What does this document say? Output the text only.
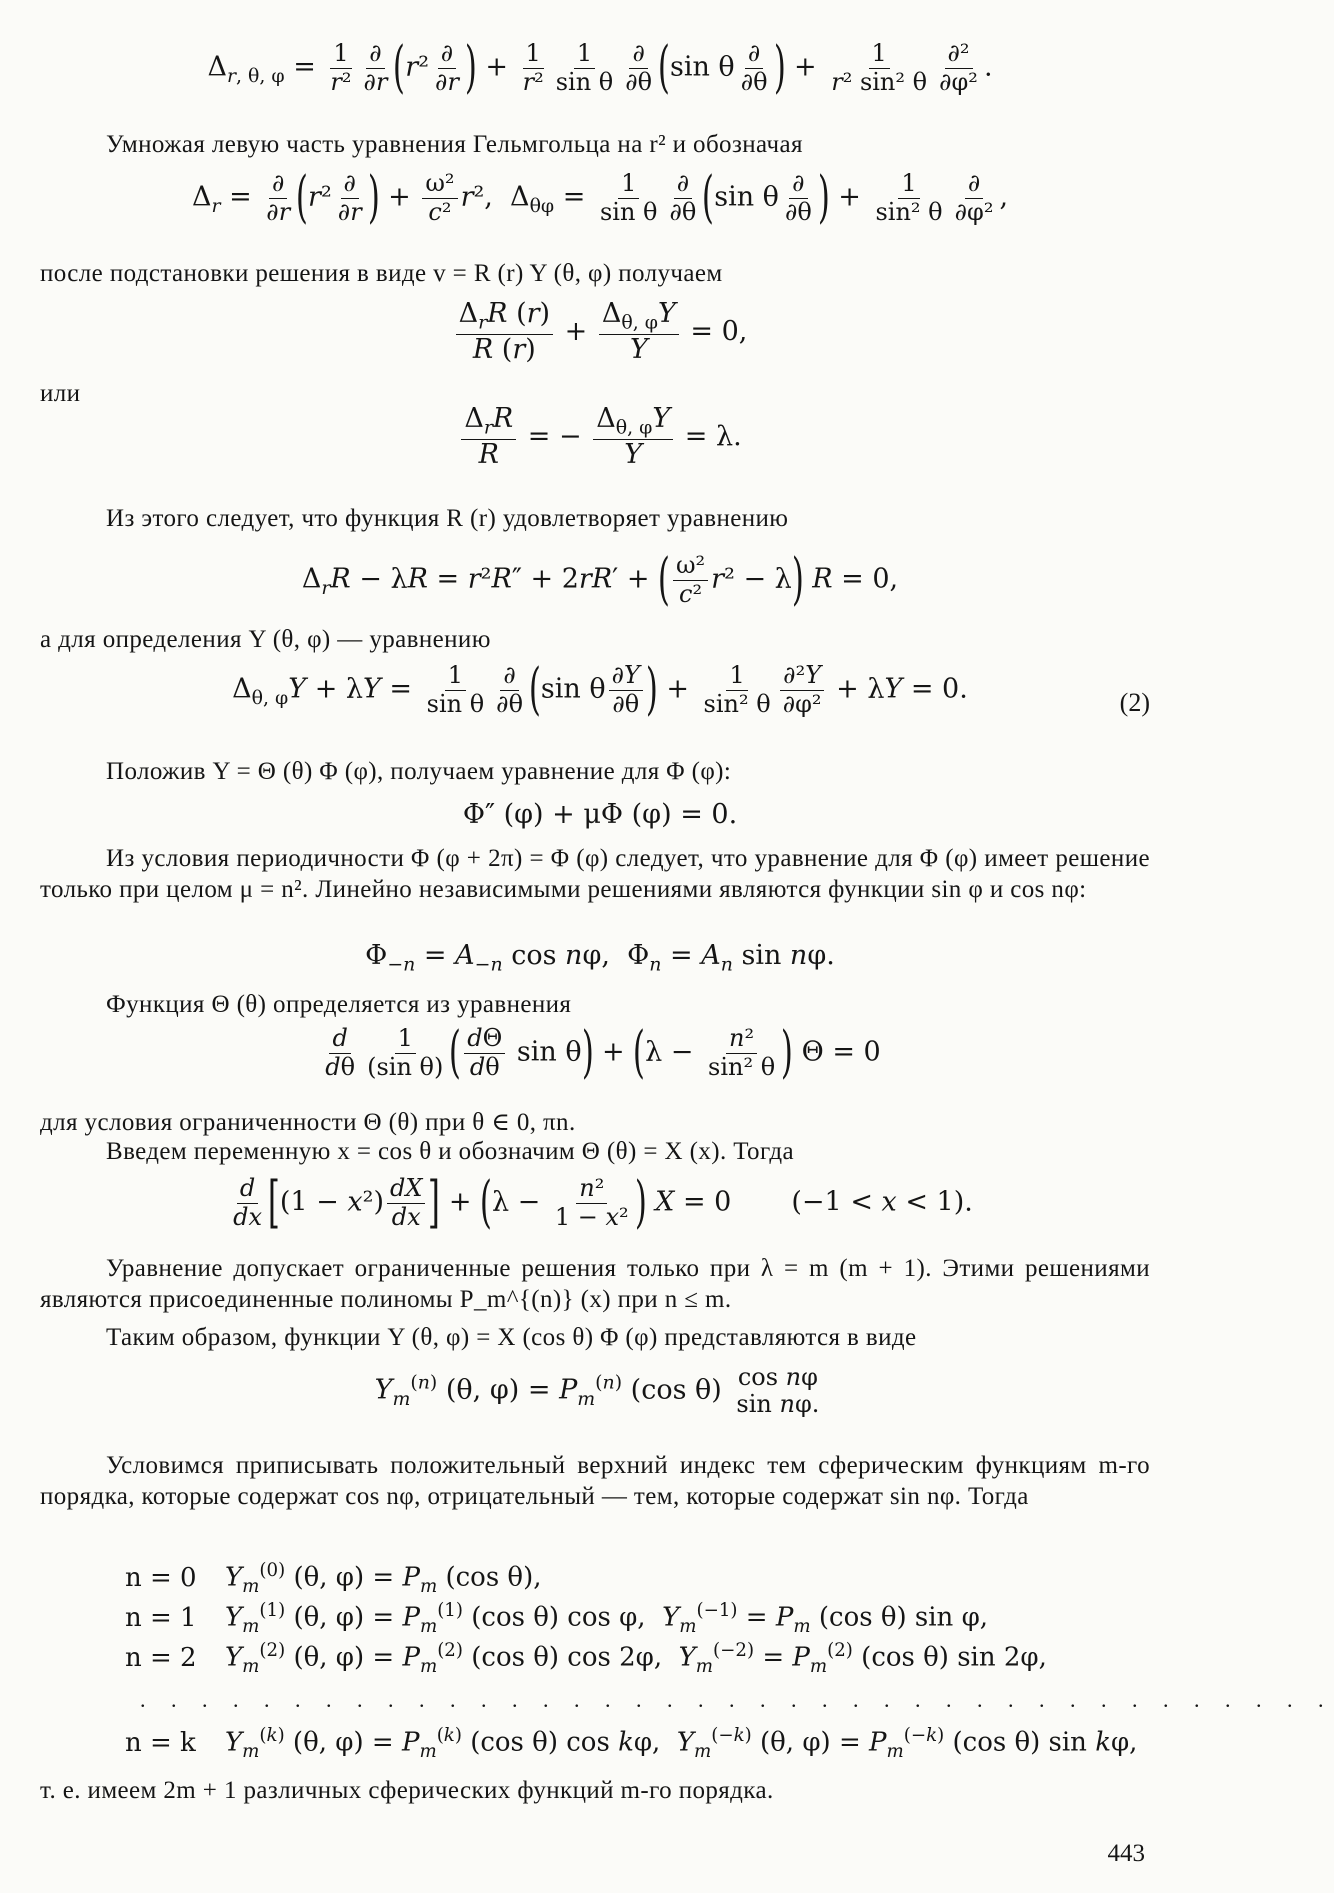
$\Delta_{r, \theta, \varphi} = \frac{1}{\text{r²}} \frac{\partial}{\partial r} (r^2 \frac{\partial}{\partial r}$ ) + $\frac{1}{\text{r²}} \frac{1}{\text{sin θ}} \frac{\partial}{\partial\theta} (\sin$ θ $\frac{\partial}{\partial\theta}$ ) + $\frac{1}{\text{r² sin² θ}} \frac{\text{∂²}}{\text{∂φ²}}$ .

Умножая левую часть уравнения Гельмгольца на r² и обозначая

$\Delta_r = \frac{\partial}{\partial r} (r^2 \frac{\partial}{\partial r}$ ) + $\frac{\text{ω²}}{\text{c²}} r^2$,  $\Delta_{\theta\varphi} = \frac{1}{\text{sin θ}} \frac{\partial}{\partial\theta} (\sin$ θ $\frac{\partial}{\partial\theta}$ ) + $\frac{1}{\text{sin² θ}} \frac{\partial}{\text{∂φ²}}$ ,

после подстановки решения в виде v = R (r) Y (θ, φ) получаем

$\frac{\Delta_rR (r)}{R (r)} + \frac{\Delta_{\theta, \varphi}Y}{Y} = 0$,

или

$\frac{\Delta_rR}{R}$ = − $\frac{\Delta_{\theta, \varphi}Y}{Y} = \lambda$.

Из этого следует, что функция R (r) удовлетворяет уравнению

$\Delta_rR - \lambda R = r^2R'' + 2rR'$ + ( $\frac{\text{ω²}}{\text{c²}} r^2 - \lambda$) R = 0,

а для определения Y (θ, φ) — уравнению

$\Delta_{\theta, \varphi}Y + \lambda Y = \frac{1}{\text{sin θ}} \frac{\partial}{\partial\theta} (\sin$ θ $\frac{\partial Y}{\partial\theta}$ ) + $\frac{1}{\text{sin² θ}} \frac{\text{∂²Y}}{\text{∂φ²}} + \lambda Y = 0$.	(2)

Положив Y = Θ (θ) Φ (φ), получаем уравнение для Φ (φ):

Φ″ (φ) + μΦ (φ) = 0.

Из условия периодичности Φ (φ + 2π) = Φ (φ) следует, что уравнение для Φ (φ) имеет решение только при целом μ = n². Линейно независимыми решениями являются функции sin φ и cos nφ:

$\Phi_{-n} = A_{-n}$ cos nφ,  $\Phi_n = A_n$ sin nφ.

Функция Θ (θ) определяется из уравнения

$\frac{d}{d\theta} \frac{1}{\text{(sin θ)}}$ ( $\frac{d\Theta}{d\theta}$ $\sin \theta) + (\lambda - \frac{\text{n²}}{\text{sin² θ}}$ ) Θ = 0

для условия ограниченности Θ (θ) при θ ∈ 0, πn.

Введем переменную x = cos θ и обозначим Θ (θ) = X (x). Тогда

$\frac{d}{dx} [(1 - x^2) \frac{dX}{dx}$ ] + ($\lambda - \frac{\text{n²}}{\text{1 − x²}}$ ) X = 0       (−1 < x < 1).

Уравнение допускает ограниченные решения только при λ = m (m + 1). Этими решениями являются присоединенные полиномы P_m^{(n)} (x) при n ≤ m.

Таким образом, функции Y (θ, φ) = X (cos θ) Φ (φ) представляются в виде

$Y_m^{(n)}$ (θ, $\varphi) = P_m^{(n)}$ (cos θ) cos nφ
sin nφ.

Условимся приписывать положительный верхний индекс тем сферическим функциям m-го порядка, которые содержат cos nφ, отрицательный — тем, которые содержат sin nφ. Тогда

n = 0 $Y_m^{(0)}$ (θ, $\varphi) = P_m$ (cos θ),
n = 1 $Y_m^{(1)}$ (θ, $\varphi) = P_m^{(1)}$ (cos θ) cos φ,  $Y_m^{(-1)} = P_m$ (cos θ) sin φ,
n = 2 $Y_m^{(2)}$ (θ, $\varphi) = P_m^{(2)}$ (cos θ) cos 2φ,  $Y_m^{(-2)} = P_m^{(2)}$ (cos θ) sin 2φ,
. . . . . . . . . . . . . . . . . . . . . . . . . . . . . . . . . . . . . . .
n = k $Y_m^{(k)}$ (θ, $\varphi) = P_m^{(k)}$ (cos θ) cos kφ,  $Y_m^{(-k)}$ (θ, $\varphi) = P_m^{(-k)}$ (cos θ) sin kφ,

т. е. имеем 2m + 1 различных сферических функций m-го порядка.

443
